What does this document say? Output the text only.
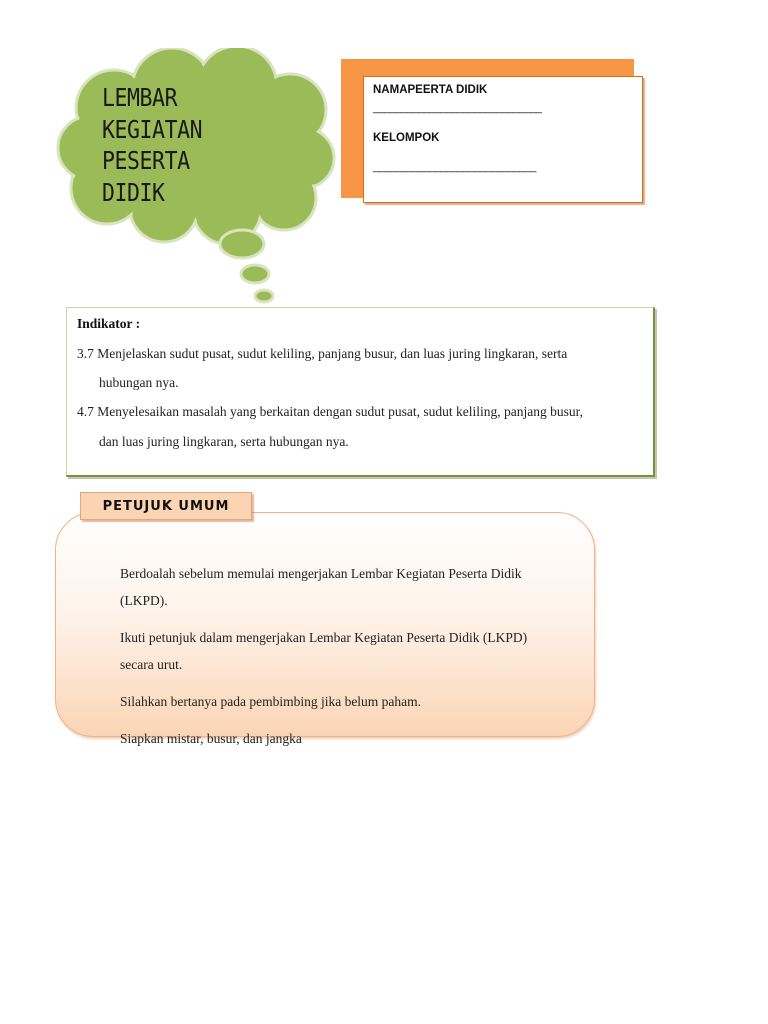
LEMBAR
KEGIATAN
PESERTA
DIDIK
NAMAPEERTA DIDIK
______________________________
KELOMPOK
_____________________________
Indikator :
3.7 Menjelaskan sudut pusat, sudut keliling, panjang busur, dan luas juring lingkaran, serta
hubungan nya.
4.7 Menyelesaikan masalah yang berkaitan dengan sudut pusat, sudut keliling, panjang busur,
dan luas juring lingkaran, serta hubungan nya.
PETUJUK UMUM
Berdoalah sebelum memulai mengerjakan Lembar Kegiatan Peserta Didik
(LKPD).
Ikuti petunjuk dalam mengerjakan Lembar Kegiatan Peserta Didik (LKPD)
secara urut.
Silahkan bertanya pada pembimbing jika belum paham.
Siapkan mistar, busur, dan jangka
